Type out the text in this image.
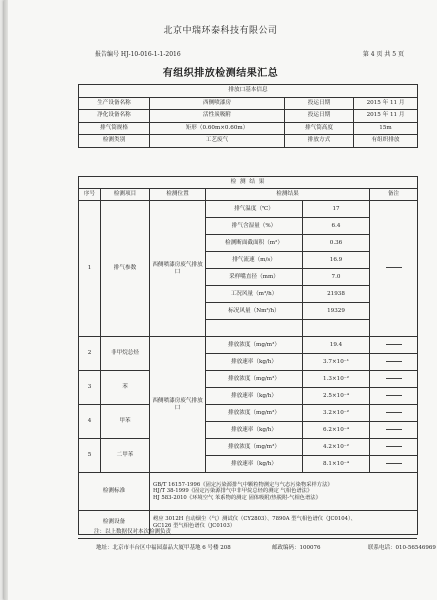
北京中瑞环泰科技有限公司
报告编号 HJ-10-016-1-1-2016	第 4 页 共 5 页
有组织排放检测结果汇总
排放口基本信息			
生产设备名称	西侧喷漆房	投运日期	2015 年 11 月
净化设备名称	活性炭吸附	投运日期	2015 年 11 月
排气筒规格	矩形（0.60m×0.60m）	排气筒高度	15m
检测类别	工艺废气	排放方式	有组织排放
检 测 结 果					
序号	检测项目	检测位置	检测结果		备注
1	排气参数	西侧喷漆房废气排放口	排气温度（℃）	17	
			排气含湿量（%）	6.4	
			检测断面截面积（m²）	0.36	
			排气流速（m/s）	16.9	
			采样嘴直径（mm）	7.0	
			工况风量（m³/h）	21938	
			标况风量（Nm³/h）	19329	

2	非甲烷总烃	西侧喷漆房废气排放口	排放浓度（mg/m³）	19.4	
			排放速率（kg/h）	3.7×10⁻¹	
3	苯		排放浓度（mg/m³）	1.3×10⁻²	
			排放速率（kg/h）	2.5×10⁻⁴	
4	甲苯		排放浓度（mg/m³）	3.2×10⁻²	
			排放速率（kg/h）	6.2×10⁻⁴	
5	二甲苯		排放浓度（mg/m³）	4.2×10⁻²	
			排放速率（kg/h）	8.1×10⁻⁴	
检测标准		GB/T 16157-1996《固定污染源排气中颗粒物测定与气态污染物采样方法》
HJ/T 38-1999《固定污染源排气中非甲烷总烃的测定 气相色谱法》
HJ 583-2010《环境空气 苯系物的测定 固体吸附/热脱附-气相色谱法》			

检测设备		崂应 3012H 自动烟尘（气）测试仪（CY2803）、7890A 型气相色谱仪（JC0104）、
GC126 型气相色谱仪（JC0103）			
注：以上数据仅对本次检测负责
地址：北京市丰台区中福园嘉品大厦甲基地 6 号楼 208	邮政编码：100076	联系电话：010-56546969
